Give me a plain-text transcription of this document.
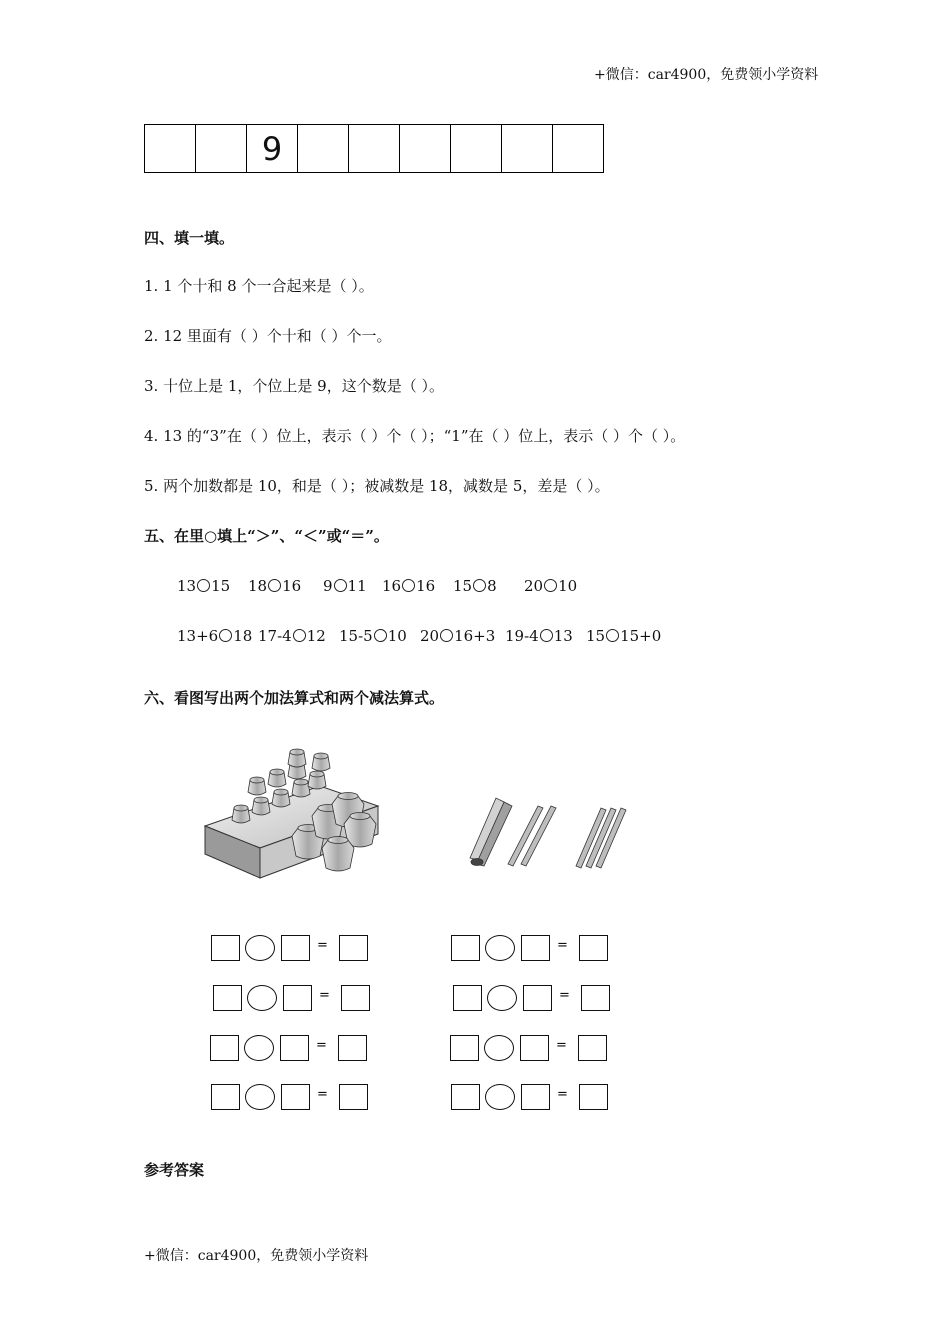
+微信：car4900，免费领小学资料
9
四、填一填。
1. 1 个十和 8 个一合起来是（ ）。
2. 12 里面有（ ）个十和（ ）个一。
3. 十位上是 1，个位上是 9，这个数是（ ）。
4. 13 的“3”在（ ）位上，表示（ ）个（ ）；“1”在（ ）位上，表示（ ）个（ ）。
5. 两个加数都是 10，和是（ ）；被减数是 18，减数是 5，差是（ ）。
五、在里○填上“＞”、“＜”或“＝”。
13 15 18 16 9 11 16 16 15 8 20 10
13+6 18 17-4 12 15-5 10 20 16+3 19-4 13 15 15+0
六、看图写出两个加法算式和两个减法算式。
=
=
=
=
=
=
=
=
参考答案
+微信：car4900，免费领小学资料
